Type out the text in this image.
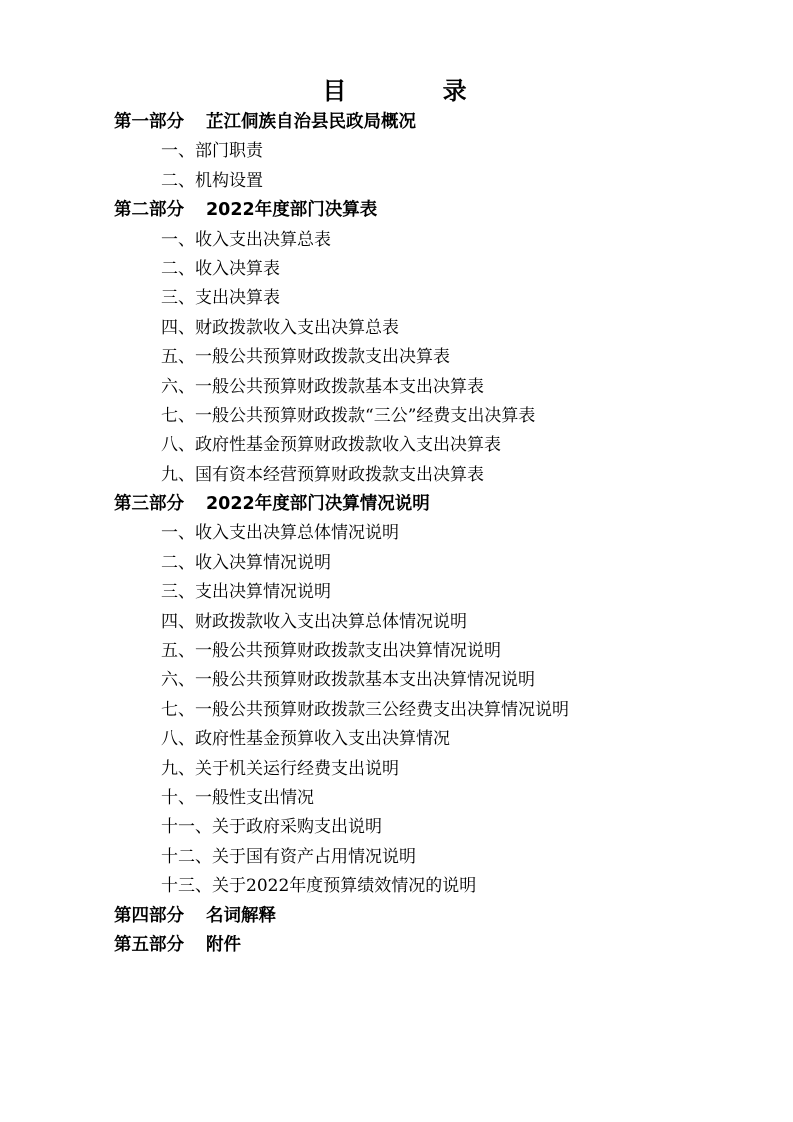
目 录
第一部分 芷江侗族自治县民政局概况
一、部门职责
二、机构设置
第二部分 2022年度部门决算表
一、收入支出决算总表
二、收入决算表
三、支出决算表
四、财政拨款收入支出决算总表
五、一般公共预算财政拨款支出决算表
六、一般公共预算财政拨款基本支出决算表
七、一般公共预算财政拨款“三公”经费支出决算表
八、政府性基金预算财政拨款收入支出决算表
九、国有资本经营预算财政拨款支出决算表
第三部分 2022年度部门决算情况说明
一、收入支出决算总体情况说明
二、收入决算情况说明
三、支出决算情况说明
四、财政拨款收入支出决算总体情况说明
五、一般公共预算财政拨款支出决算情况说明
六、一般公共预算财政拨款基本支出决算情况说明
七、一般公共预算财政拨款三公经费支出决算情况说明
八、政府性基金预算收入支出决算情况
九、关于机关运行经费支出说明
十、一般性支出情况
十一、关于政府采购支出说明
十二、关于国有资产占用情况说明
十三、关于2022年度预算绩效情况的说明
第四部分 名词解释
第五部分 附件
